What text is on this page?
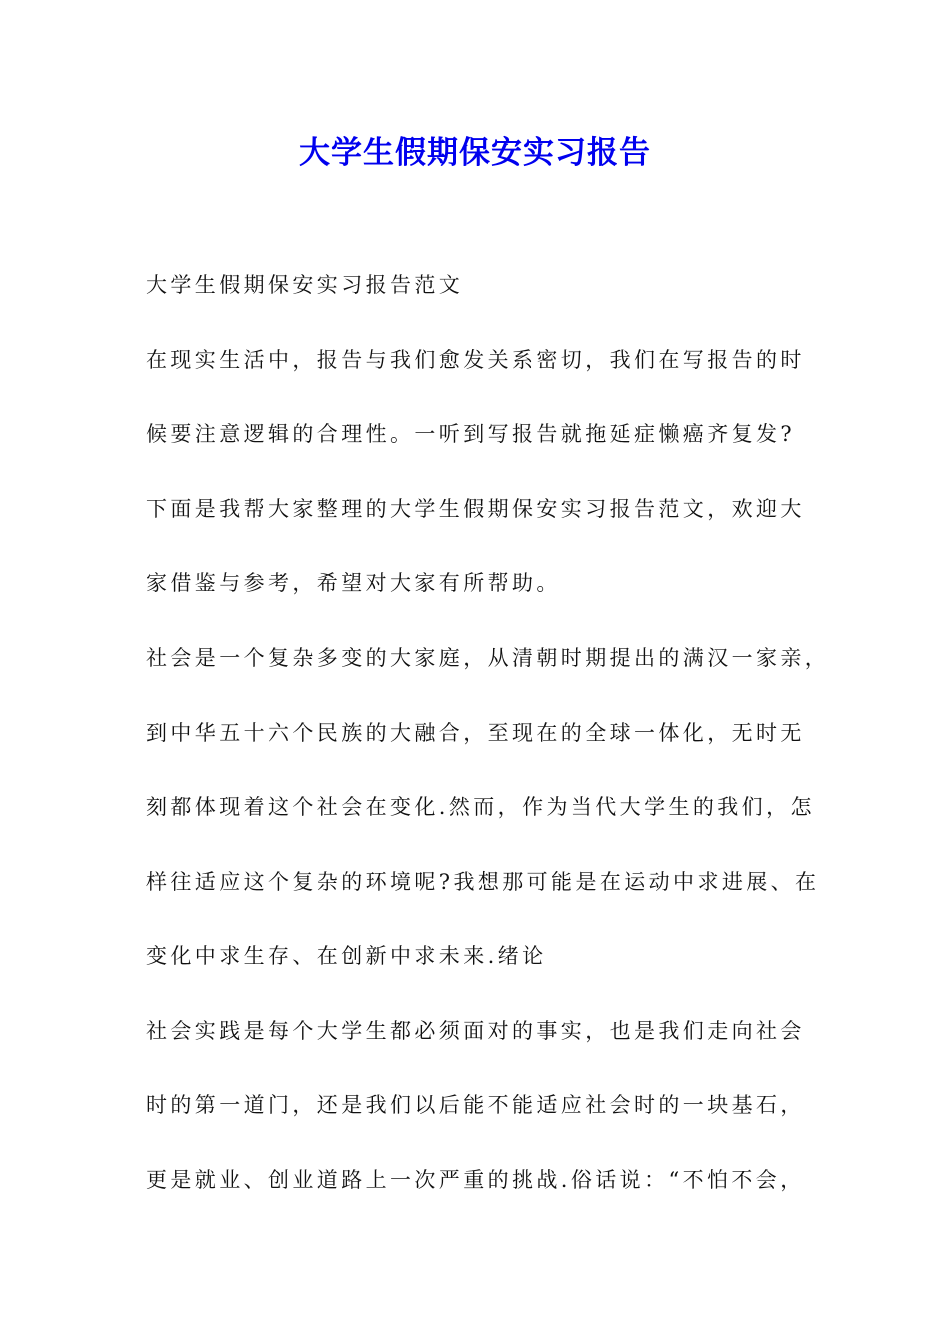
大学生假期保安实习报告

大学生假期保安实习报告范文

在现实生活中，报告与我们愈发关系密切，我们在写报告的时

候要注意逻辑的合理性。一听到写报告就拖延症懒癌齐复发?

下面是我帮大家整理的大学生假期保安实习报告范文，欢迎大

家借鉴与参考，希望对大家有所帮助。

社会是一个复杂多变的大家庭，从清朝时期提出的满汉一家亲，

到中华五十六个民族的大融合，至现在的全球一体化，无时无

刻都体现着这个社会在变化.然而，作为当代大学生的我们，怎

样往适应这个复杂的环境呢?我想那可能是在运动中求进展、在

变化中求生存、在创新中求未来.绪论

社会实践是每个大学生都必须面对的事实，也是我们走向社会

时的第一道门，还是我们以后能不能适应社会时的一块基石，

更是就业、创业道路上一次严重的挑战.俗话说：“不怕不会，
